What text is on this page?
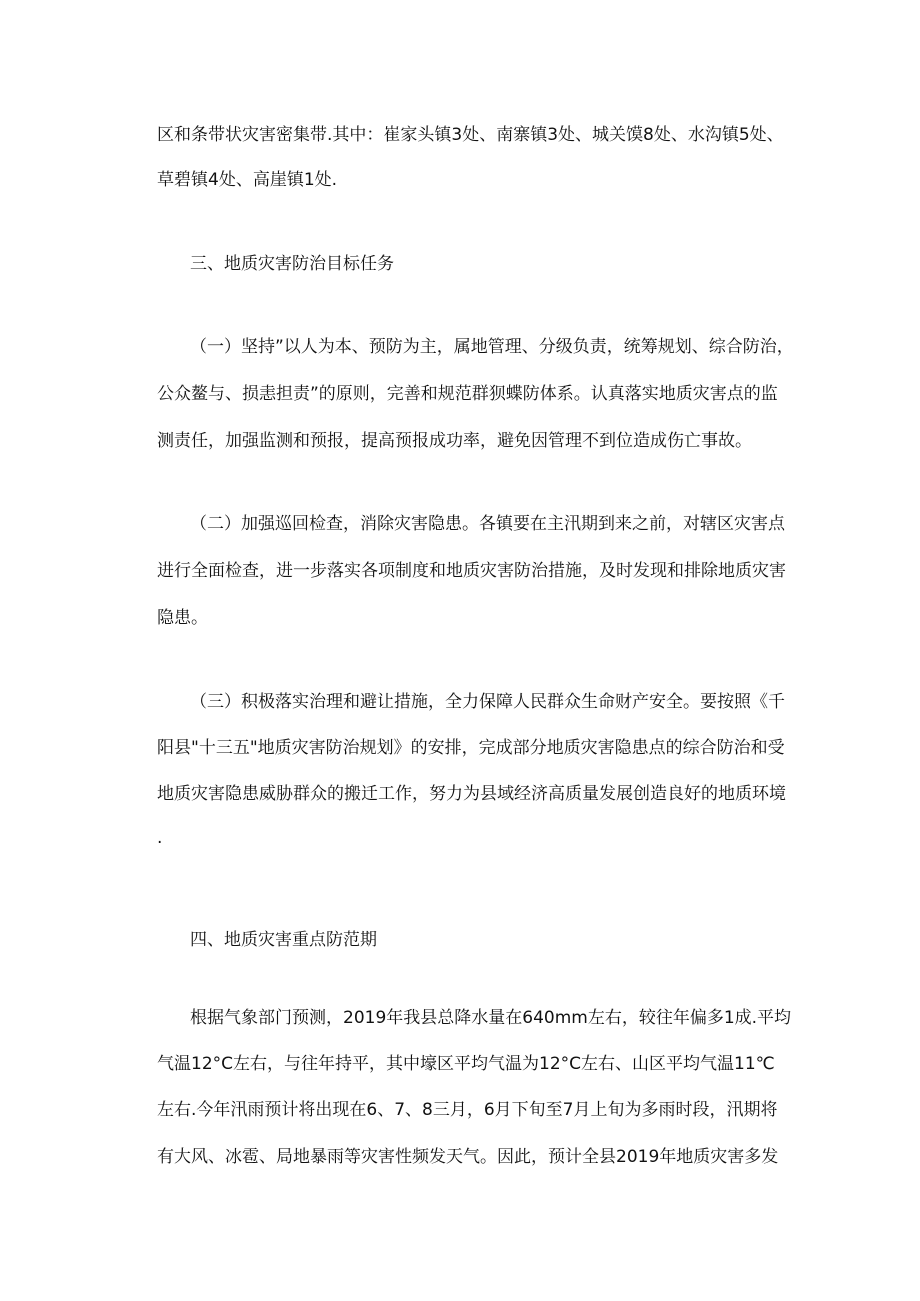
区和条带状灾害密集带.其中：崔家头镇3处、南寨镇3处、城关馍8处、水沟镇5处、
草碧镇4处、高崖镇1处.
三、地质灾害防治目标任务
（一）坚持”以人为本、预防为主，属地管理、分级负责，统筹规划、综合防治，
公众鳌与、损恚担责”的原则，完善和规范群狈蝶防体系。认真落实地质灾害点的监
测责任，加强监测和预报，提高预报成功率，避免因管理不到位造成伤亡事故。
（二）加强巡回检查，消除灾害隐患。各镇要在主汛期到来之前，对辖区灾害点
进行全面检查，进一步落实各项制度和地质灾害防治措施，及时发现和排除地质灾害
隐患。
（三）积极落实治理和避让措施，全力保障人民群众生命财产安全。要按照《千
阳县"十三五"地质灾害防治规划》的安排，完成部分地质灾害隐患点的综合防治和受
地质灾害隐患威胁群众的搬迁工作，努力为县域经济高质量发展创造良好的地质环境
.
四、地质灾害重点防范期
根据气象部门预测，2019年我县总降水量在640mm左右，较往年偏多1成.平均
气温12°C左右，与往年持平，其中壕区平均气温为12°C左右、山区平均气温11℃
左右.今年汛雨预计将出现在6、7、8三月，6月下旬至7月上旬为多雨时段，汛期将
有大风、冰雹、局地暴雨等灾害性频发天气。因此，预计全县2019年地质灾害多发
